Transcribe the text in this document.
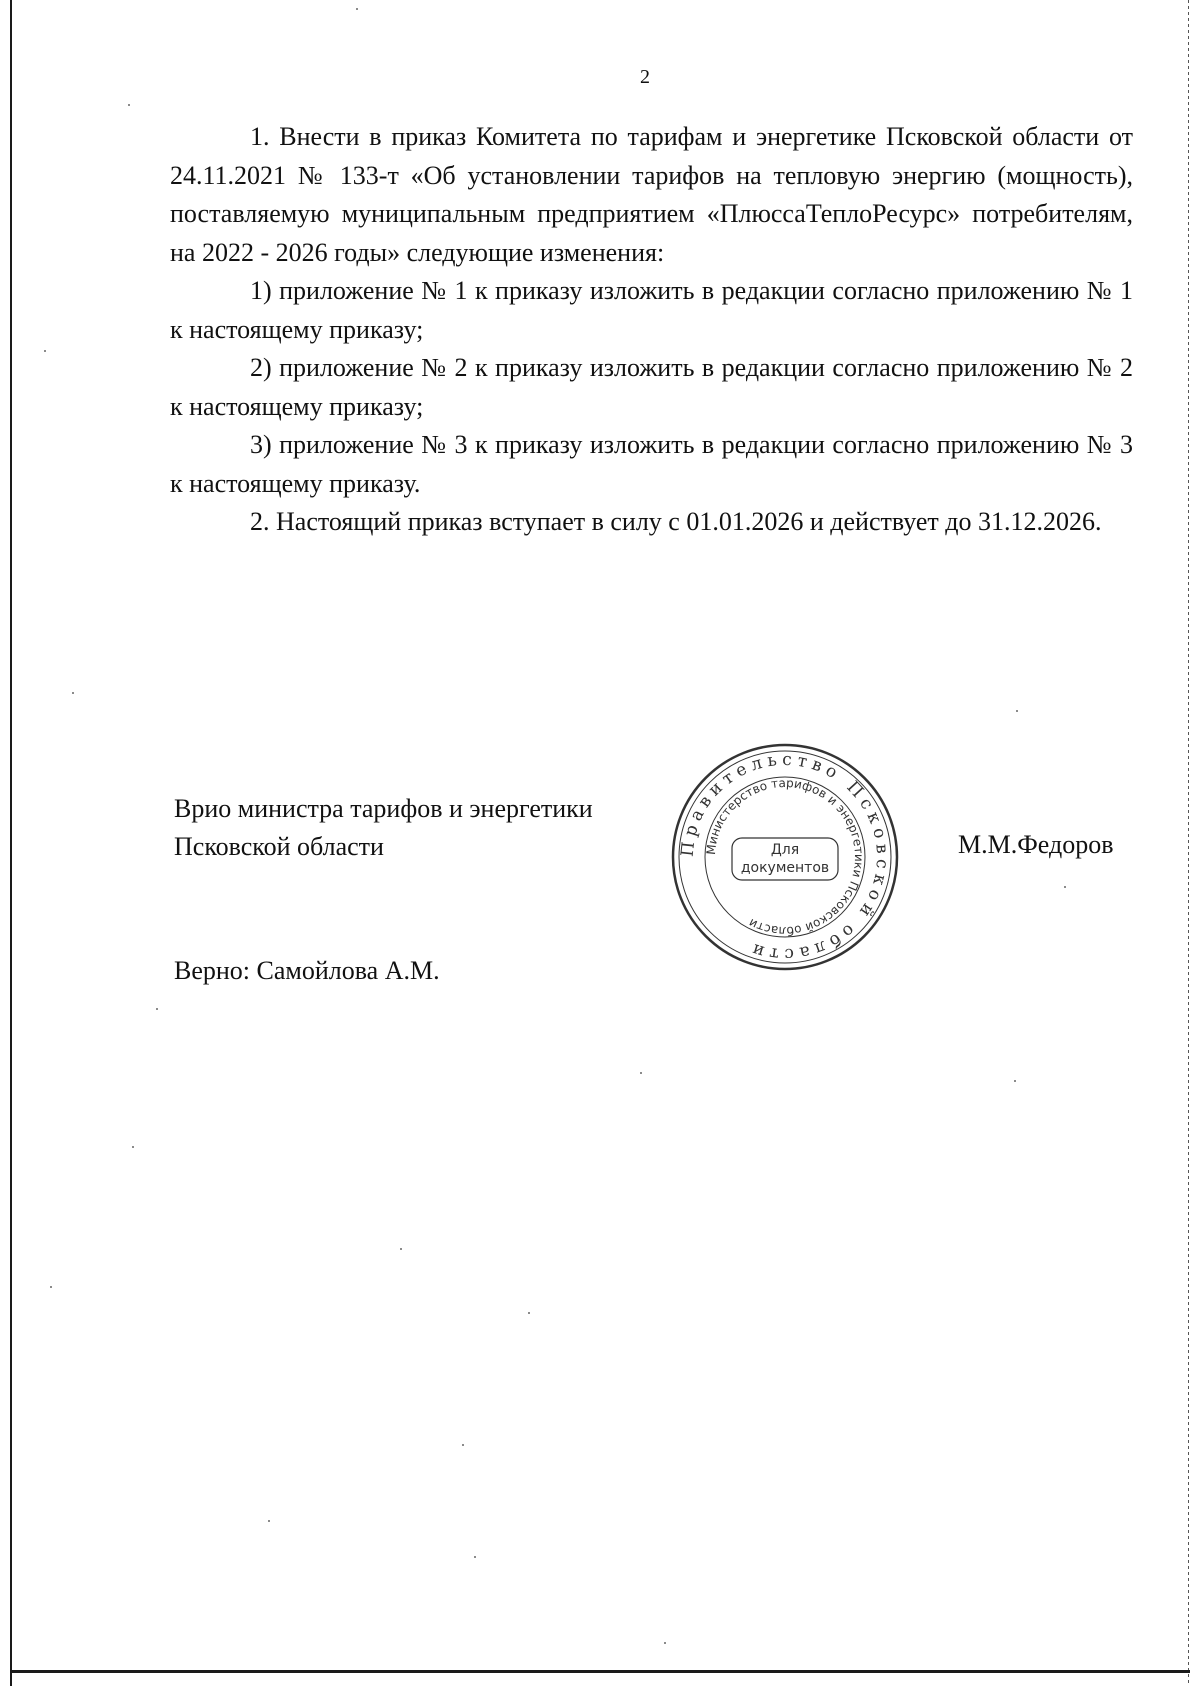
2

1. Внести в приказ Комитета по тарифам и энергетике Псковской области от 24.11.2021 № 133-т «Об установлении тарифов на тепловую энергию (мощность), поставляемую муниципальным предприятием «ПлюссаТеплоРесурс» потребителям, на 2022 - 2026 годы» следующие изменения:

1) приложение № 1 к приказу изложить в редакции согласно приложению № 1 к настоящему приказу;

2) приложение № 2 к приказу изложить в редакции согласно приложению № 2 к настоящему приказу;

3) приложение № 3 к приказу изложить в редакции согласно приложению № 3 к настоящему приказу.

2. Настоящий приказ вступает в силу с 01.01.2026 и действует до 31.12.2026.

Врио министра тарифов и энергетики
Псковской области	Правительство Псковской области
Министерство тарифов и энергетики Псковской области
Для
документов
М.М.Федоров
Верно: Самойлова А.М.
